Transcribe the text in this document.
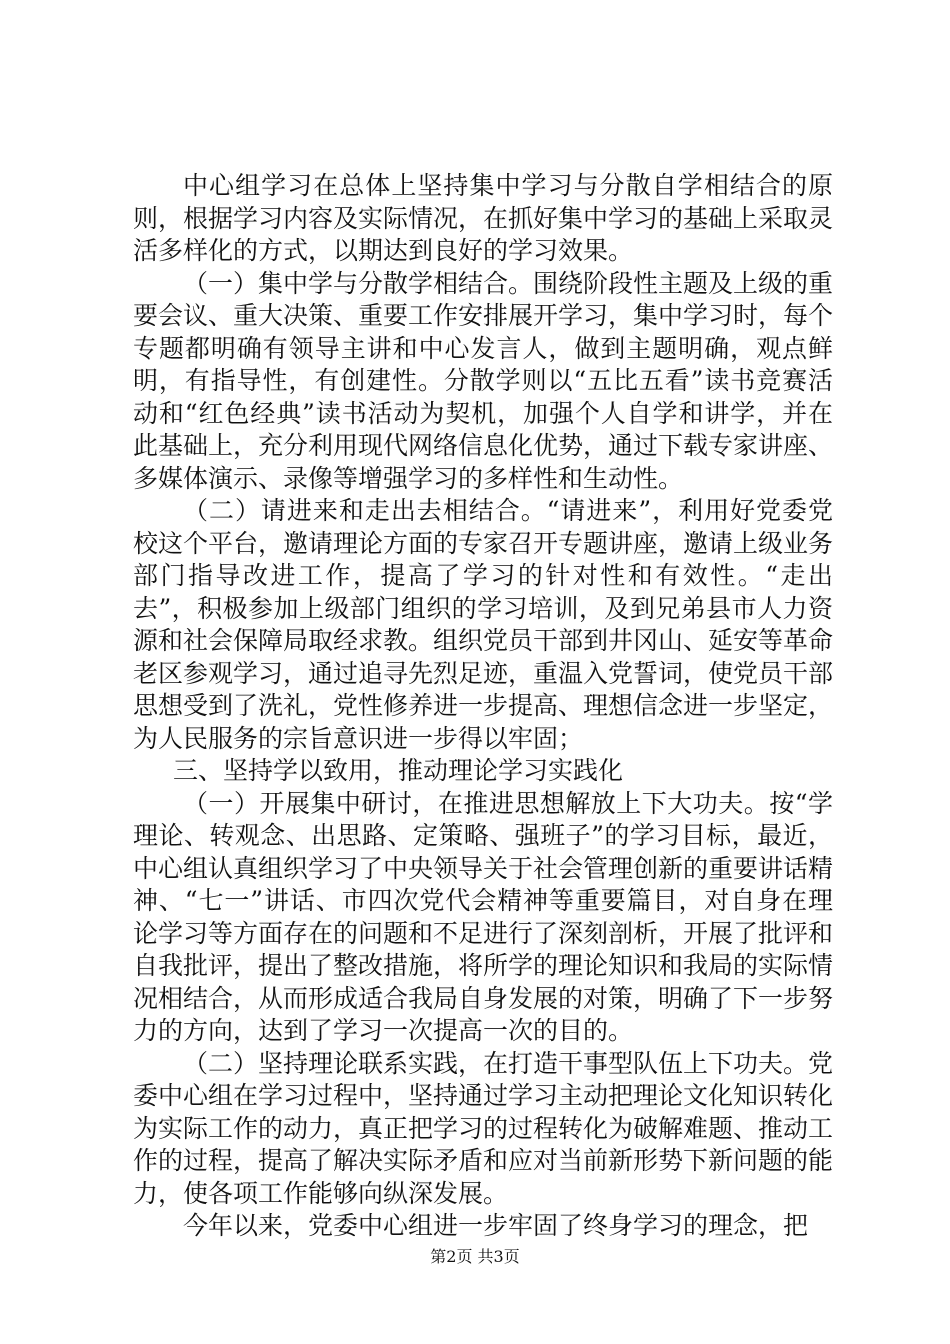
中心组学习在总体上坚持集中学习与分散自学相结合的原则，根据学习内容及实际情况，在抓好集中学习的基础上采取灵活多样化的方式，以期达到良好的学习效果。

（一）集中学与分散学相结合。围绕阶段性主题及上级的重要会议、重大决策、重要工作安排展开学习，集中学习时，每个专题都明确有领导主讲和中心发言人，做到主题明确，观点鲜明，有指导性，有创建性。分散学则以“五比五看”读书竞赛活动和“红色经典”读书活动为契机，加强个人自学和讲学，并在此基础上，充分利用现代网络信息化优势，通过下载专家讲座、多媒体演示、录像等增强学习的多样性和生动性。

（二）请进来和走出去相结合。“请进来”，利用好党委党校这个平台，邀请理论方面的专家召开专题讲座，邀请上级业务部门指导改进工作，提高了学习的针对性和有效性。“走出去”，积极参加上级部门组织的学习培训，及到兄弟县市人力资源和社会保障局取经求教。组织党员干部到井冈山、延安等革命老区参观学习，通过追寻先烈足迹，重温入党誓词，使党员干部思想受到了洗礼，党性修养进一步提高、理想信念进一步坚定，为人民服务的宗旨意识进一步得以牢固；

三、坚持学以致用，推动理论学习实践化

（一）开展集中研讨，在推进思想解放上下大功夫。按“学理论、转观念、出思路、定策略、强班子”的学习目标，最近，中心组认真组织学习了中央领导关于社会管理创新的重要讲话精神、“七一”讲话、市四次党代会精神等重要篇目，对自身在理论学习等方面存在的问题和不足进行了深刻剖析，开展了批评和自我批评，提出了整改措施，将所学的理论知识和我局的实际情况相结合，从而形成适合我局自身发展的对策，明确了下一步努力的方向，达到了学习一次提高一次的目的。

（二）坚持理论联系实践，在打造干事型队伍上下功夫。党委中心组在学习过程中，坚持通过学习主动把理论文化知识转化为实际工作的动力，真正把学习的过程转化为破解难题、推动工作的过程，提高了解决实际矛盾和应对当前新形势下新问题的能力，使各项工作能够向纵深发展。

今年以来，党委中心组进一步牢固了终身学习的理念，把

第2页 共3页
